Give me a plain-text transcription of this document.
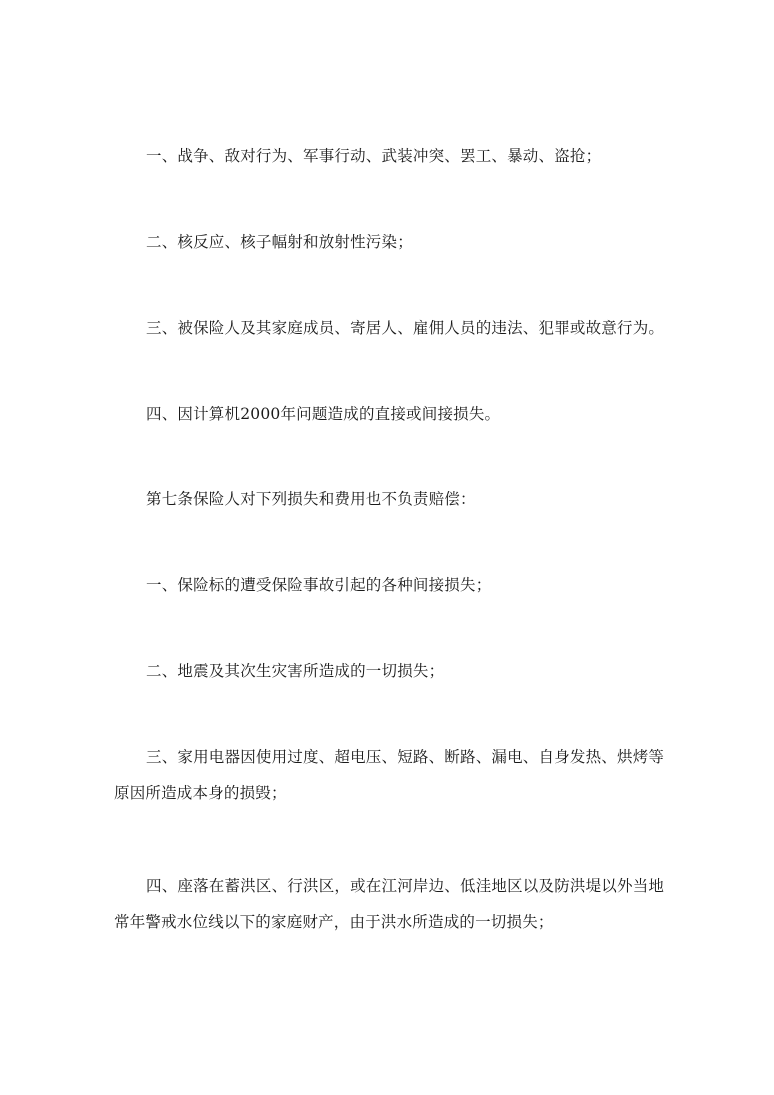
一、战争、敌对行为、军事行动、武装冲突、罢工、暴动、盗抢；

二、核反应、核子幅射和放射性污染；

三、被保险人及其家庭成员、寄居人、雇佣人员的违法、犯罪或故意行为。

四、因计算机2000年问题造成的直接或间接损失。

第七条保险人对下列损失和费用也不负责赔偿：

一、保险标的遭受保险事故引起的各种间接损失；

二、地震及其次生灾害所造成的一切损失；

三、家用电器因使用过度、超电压、短路、断路、漏电、自身发热、烘烤等原因所造成本身的损毁；

四、座落在蓄洪区、行洪区，或在江河岸边、低洼地区以及防洪堤以外当地常年警戒水位线以下的家庭财产，由于洪水所造成的一切损失；
